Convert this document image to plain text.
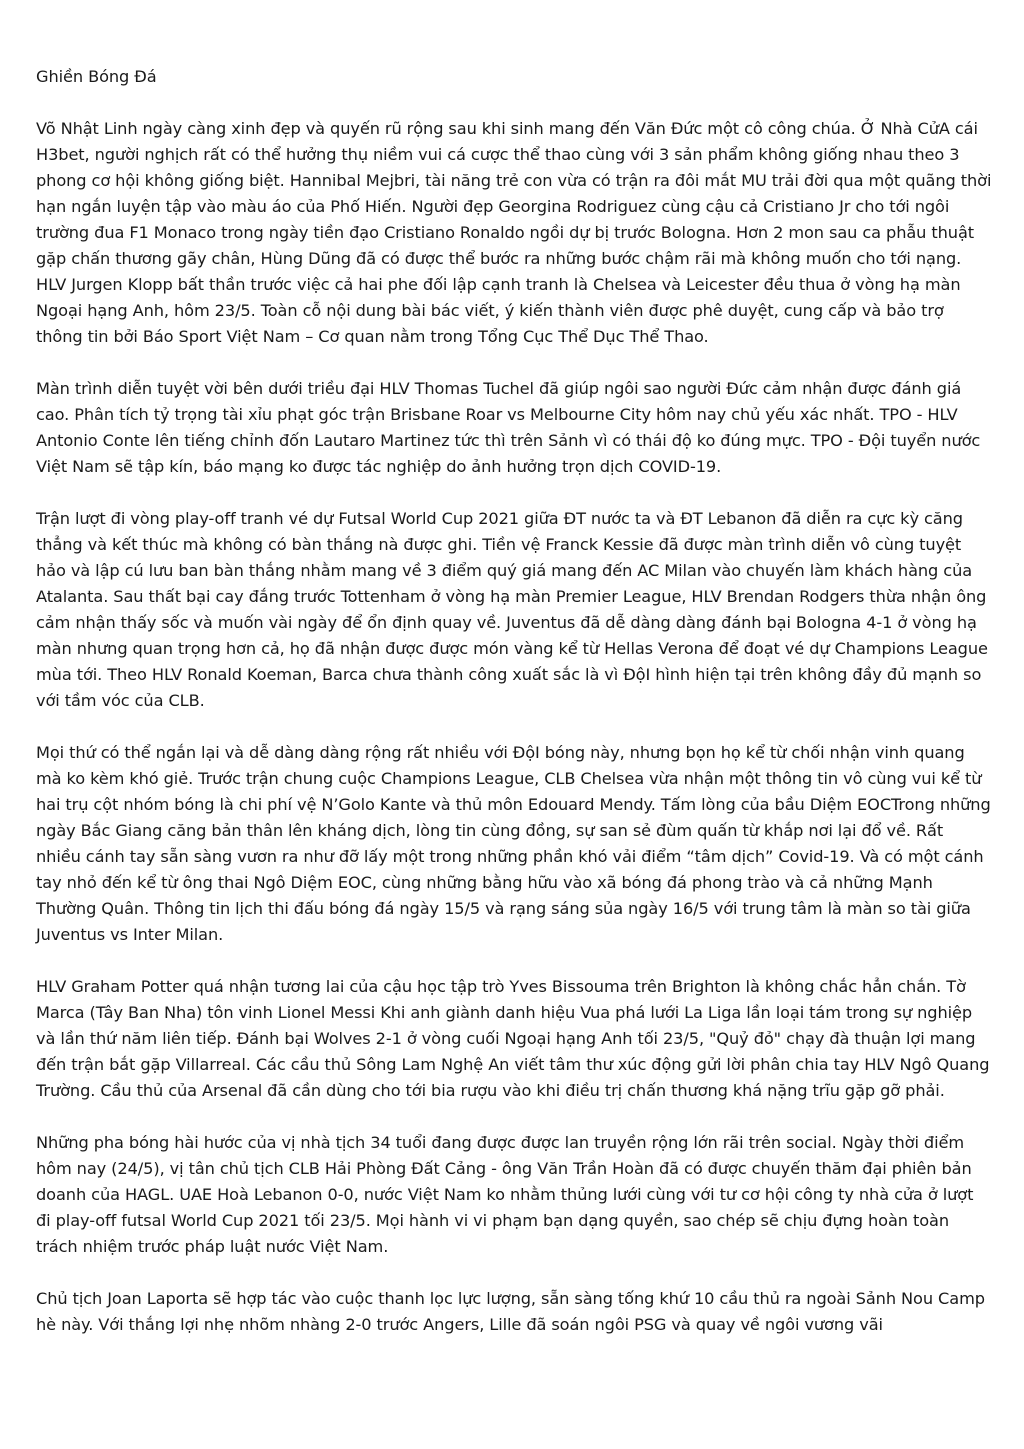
Ghiền Bóng Đá

Võ Nhật Linh ngày càng xinh đẹp và quyến rũ rộng sau khi sinh mang đến Văn Đức một cô công chúa. Ở Nhà CửA cái H3bet, người nghịch rất có thể hưởng thụ niềm vui cá cược thể thao cùng với 3 sản phẩm không giống nhau theo 3 phong cơ hội không giống biệt. Hannibal Mejbri, tài năng trẻ con vừa có trận ra đôi mắt MU trải đời qua một quãng thời hạn ngắn luyện tập vào màu áo của Phố Hiến. Người đẹp Georgina Rodriguez cùng cậu cả Cristiano Jr cho tới ngôi trường đua F1 Monaco trong ngày tiền đạo Cristiano Ronaldo ngồi dự bị trước Bologna. Hơn 2 mon sau ca phẫu thuật gặp chấn thương gãy chân, Hùng Dũng đã có được thể bước ra những bước chậm rãi mà không muốn cho tới nạng. HLV Jurgen Klopp bất thần trước việc cả hai phe đối lập cạnh tranh là Chelsea và Leicester đều thua ở vòng hạ màn Ngoại hạng Anh, hôm 23/5. Toàn cỗ nội dung bài bác viết, ý kiến thành viên được phê duyệt, cung cấp và bảo trợ thông tin bởi Báo Sport Việt Nam – Cơ quan nằm trong Tổng Cục Thể Dục Thể Thao.

Màn trình diễn tuyệt vời bên dưới triều đại HLV Thomas Tuchel đã giúp ngôi sao người Đức cảm nhận được đánh giá cao. Phân tích tỷ trọng tài xỉu phạt góc trận Brisbane Roar vs Melbourne City hôm nay chủ yếu xác nhất. TPO - HLV Antonio Conte lên tiếng chỉnh đốn Lautaro Martinez tức thì trên Sảnh vì có thái độ ko đúng mực. TPO - Đội tuyển nước Việt Nam sẽ tập kín, báo mạng ko được tác nghiệp do ảnh hưởng trọn dịch COVID-19.

Trận lượt đi vòng play-off tranh vé dự Futsal World Cup 2021 giữa ĐT nước ta và ĐT Lebanon đã diễn ra cực kỳ căng thẳng và kết thúc mà không có bàn thắng nà được ghi. Tiền vệ Franck Kessie đã được màn trình diễn vô cùng tuyệt hảo và lập cú lưu ban bàn thắng nhằm mang về 3 điểm quý giá mang đến AC Milan vào chuyến làm khách hàng của Atalanta. Sau thất bại cay đắng trước Tottenham ở vòng hạ màn Premier League, HLV Brendan Rodgers thừa nhận ông cảm nhận thấy sốc và muốn vài ngày để ổn định quay về. Juventus đã dễ dàng dàng đánh bại Bologna 4-1 ở vòng hạ màn nhưng quan trọng hơn cả, họ đã nhận được được món vàng kể từ Hellas Verona để đoạt vé dự Champions League mùa tới. Theo HLV Ronald Koeman, Barca chưa thành công xuất sắc là vì ĐộI hình hiện tại trên không đầy đủ mạnh so với tầm vóc của CLB.

Mọi thứ có thể ngắn lại và dễ dàng dàng rộng rất nhiều với ĐộI bóng này, nhưng bọn họ kể từ chối nhận vinh quang mà ko kèm khó giẻ. Trước trận chung cuộc Champions League, CLB Chelsea vừa nhận một thông tin vô cùng vui kể từ hai trụ cột nhóm bóng là chi phí vệ N’Golo Kante và thủ môn Edouard Mendy. Tấm lòng của bầu Diệm EOCTrong những ngày Bắc Giang căng bản thân lên kháng dịch, lòng tin cùng đồng, sự san sẻ đùm quấn từ khắp nơi lại đổ về. Rất nhiều cánh tay sẵn sàng vươn ra như đỡ lấy một trong những phần khó vải điểm “tâm dịch” Covid-19. Và có một cánh tay nhỏ đến kể từ ông thai Ngô Diệm EOC, cùng những bằng hữu vào xã bóng đá phong trào và cả những Mạnh Thường Quân. Thông tin lịch thi đấu bóng đá ngày 15/5 và rạng sáng sủa ngày 16/5 với trung tâm là màn so tài giữa Juventus vs Inter Milan.

HLV Graham Potter quá nhận tương lai của cậu học tập trò Yves Bissouma trên Brighton là không chắc hẳn chắn. Tờ Marca (Tây Ban Nha) tôn vinh Lionel Messi Khi anh giành danh hiệu Vua phá lưới La Liga lần loại tám trong sự nghiệp và lần thứ năm liên tiếp. Đánh bại Wolves 2-1 ở vòng cuối Ngoại hạng Anh tối 23/5, "Quỷ đỏ" chạy đà thuận lợi mang đến trận bắt gặp Villarreal. Các cầu thủ Sông Lam Nghệ An viết tâm thư xúc động gửi lời phân chia tay HLV Ngô Quang Trường. Cầu thủ của Arsenal đã cần dùng cho tới bia rượu vào khi điều trị chấn thương khá nặng trĩu gặp gỡ phải.

Những pha bóng hài hước của vị nhà tịch 34 tuổi đang được được lan truyền rộng lớn rãi trên social. Ngày thời điểm hôm nay (24/5), vị tân chủ tịch CLB Hải Phòng Đất Cảng - ông Văn Trần Hoàn đã có được chuyến thăm đại phiên bản doanh của HAGL. UAE Hoà Lebanon 0-0, nước Việt Nam ko nhằm thủng lưới cùng với tư cơ hội công ty nhà cửa ở lượt đi play-off futsal World Cup 2021 tối 23/5. Mọi hành vi vi phạm bạn dạng quyền, sao chép sẽ chịu đựng hoàn toàn trách nhiệm trước pháp luật nước Việt Nam.

Chủ tịch Joan Laporta sẽ hợp tác vào cuộc thanh lọc lực lượng, sẵn sàng tống khứ 10 cầu thủ ra ngoài Sảnh Nou Camp hè này. Với thắng lợi nhẹ nhõm nhàng 2-0 trước Angers, Lille đã soán ngôi PSG và quay về ngôi vương vãi
